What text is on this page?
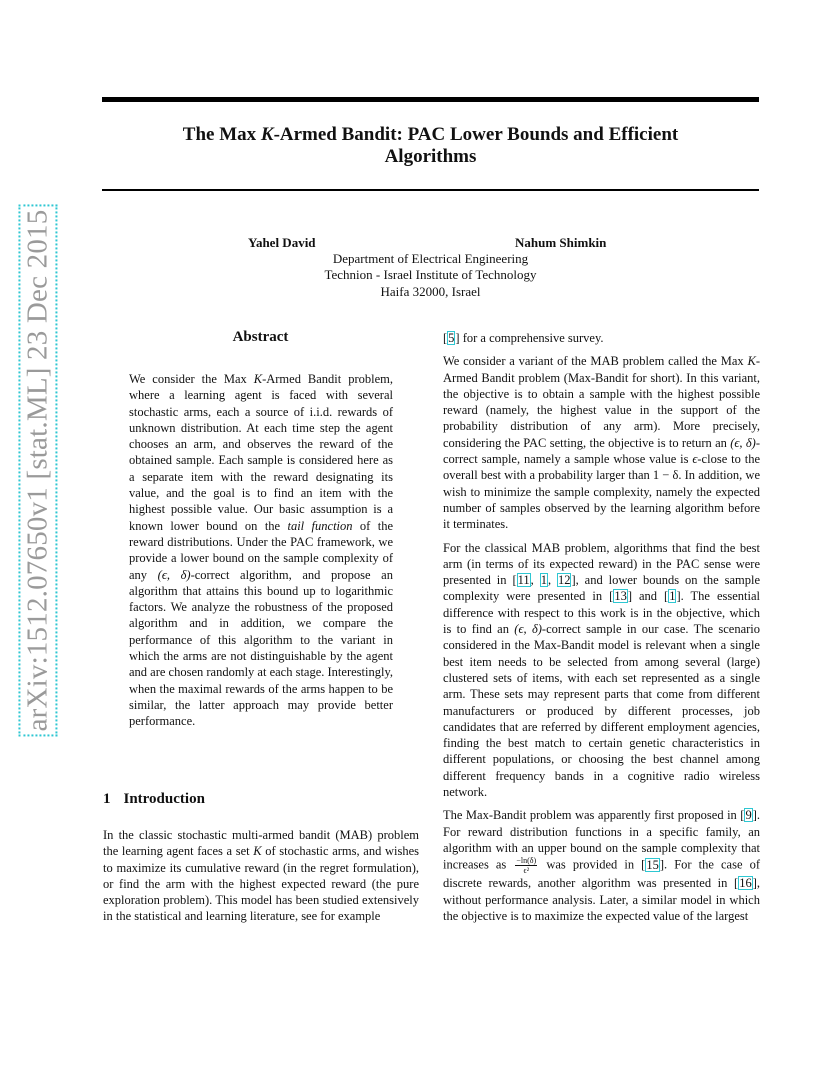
The Max K-Armed Bandit: PAC Lower Bounds and Efficient
Algorithms
Yahel David	Nahum Shimkin
Department of Electrical Engineering
Technion - Israel Institute of Technology
Haifa 32000, Israel
arXiv:1512.07650v1 [stat.ML] 23 Dec 2015	Abstract
We consider the Max K-Armed Bandit problem, where a learning agent is faced with several stochastic arms, each a source of i.i.d. rewards of unknown distribution. At each time step the agent chooses an arm, and observes the reward of the obtained sample. Each sample is considered here as a separate item with the reward designating its value, and the goal is to find an item with the highest possible value. Our basic assumption is a known lower bound on the tail function of the reward distributions. Under the PAC framework, we provide a lower bound on the sample complexity of any (ϵ, δ)-correct algorithm, and propose an algorithm that attains this bound up to logarithmic factors. We analyze the robustness of the proposed algorithm and in addition, we compare the performance of this algorithm to the variant in which the arms are not distinguishable by the agent and are chosen randomly at each stage. Interestingly, when the maximal rewards of the arms happen to be similar, the latter approach may provide better performance.
1 Introduction

In the classic stochastic multi-armed bandit (MAB) problem the learning agent faces a set K of stochastic arms, and wishes to maximize its cumulative reward (in the regret formulation), or find the arm with the highest expected reward (the pure exploration problem). This model has been studied extensively in the statistical and learning literature, see for example

[5] for a comprehensive survey.

We consider a variant of the MAB problem called the Max K-Armed Bandit problem (Max-Bandit for short). In this variant, the objective is to obtain a sample with the highest possible reward (namely, the highest value in the support of the probability distribution of any arm). More precisely, considering the PAC setting, the objective is to return an (ϵ, δ)-correct sample, namely a sample whose value is ϵ-close to the overall best with a probability larger than 1 − δ. In addition, we wish to minimize the sample complexity, namely the expected number of samples observed by the learning algorithm before it terminates.

For the classical MAB problem, algorithms that find the best arm (in terms of its expected reward) in the PAC sense were presented in [11, 1, 12], and lower bounds on the sample complexity were presented in [13] and [1]. The essential difference with respect to this work is in the objective, which is to find an (ϵ, δ)-correct sample in our case. The scenario considered in the Max-Bandit model is relevant when a single best item needs to be selected from among several (large) clustered sets of items, with each set represented as a single arm. These sets may represent parts that come from different manufacturers or produced by different processes, job candidates that are referred by different employment agencies, finding the best match to certain genetic characteristics in different populations, or choosing the best channel among different frequency bands in a cognitive radio wireless network.

The Max-Bandit problem was apparently first proposed in [9]. For reward distribution functions in a specific family, an algorithm with an upper bound on the sample complexity that increases as $\frac{-\ln(\delta)}{\text{ϵ²}}$ was provided in [15]. For the case of discrete rewards, another algorithm was presented in [16], without performance analysis. Later, a similar model in which the objective is to maximize the expected value of the largest
